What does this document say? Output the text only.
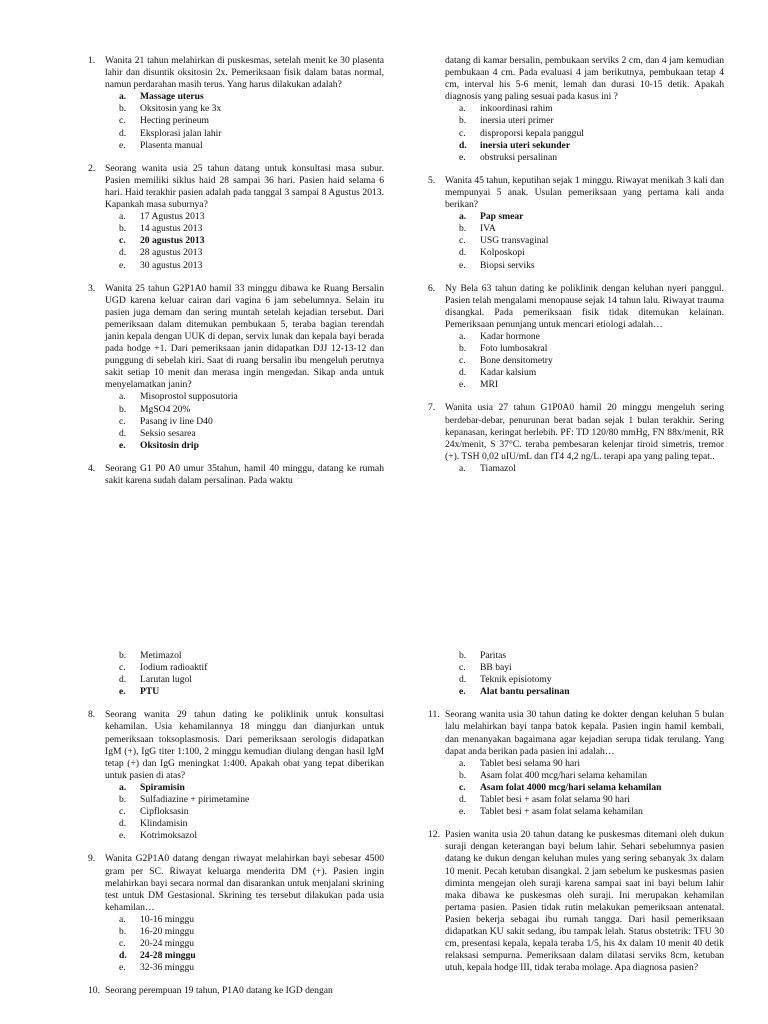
1.	Wanita 21 tahun melahirkan di puskesmas, setelah menit ke 30 plasenta lahir dan disuntik oksitosin 2x. Pemeriksaan fisik dalam batas normal, namun perdarahan masih terus. Yang harus dilakukan adalah?
a.	Massage uterus
b.	Oksitosin yang ke 3x
c.	Hecting perineum
d.	Eksplorasi jalan lahir
e.	Plasenta manual
2.	Seorang wanita usia 25 tahun datang untuk konsultasi masa subur. Pasien memiliki siklus haid 28 sampai 36 hari. Pasien haid selama 6 hari. Haid terakhir pasien adalah pada tanggal 3 sampai 8 Agustus 2013. Kapankah masa suburnya?
a.	17 Agustus 2013
b.	14 agustus 2013
c.	20 agustus 2013
d.	28 agustus 2013
e.	30 agustus 2013
3.	Wanita 25 tahun G2P1A0 hamil 33 minggu dibawa ke Ruang Bersalin UGD karena keluar cairan dari vagina 6 jam sebelumnya. Selain itu pasien juga demam dan sering muntah setelah kejadian tersebut. Dari pemeriksaan dalam ditemukan pembukaan 5, teraba bagian terendah janin kepala dengan UUK di depan, servix lunak dan kepala bayi berada pada hodge +1. Dari pemeriksaan janin didapatkan DJJ 12-13-12 dan punggung di sebelah kiri. Saat di ruang bersalin ibu mengeluh perutnya sakit setiap 10 menit dan merasa ingin mengedan. Sikap anda untuk menyelamatkan janin?
a.	Misoprostol supposutoria
b.	MgSO4 20%
c.	Pasang iv line D40
d.	Seksio sesarea
e.	Oksitosin drip
4.	Seorang G1 P0 A0 umur 35tahun, hamil 40 minggu, datang ke rumah sakit karena sudah dalam persalinan. Pada waktu
datang di kamar bersalin, pembukaan serviks 2 cm, dan 4 jam kemudian pembukaan 4 cm. Pada evaluasi 4 jam berikutnya, pembukaan tetap 4 cm, interval his 5-6 menit, lemah dan durasi 10-15 detik. Apakah diagnosis yang paling sesuai pada kasus ini ?
a.	inkoordinasi rahim
b.	inersia uteri primer
c.	disproporsi kepala panggul
d.	inersia uteri sekunder
e.	obstruksi persalinan
5.	Wanita 45 tahun, keputihan sejak 1 minggu. Riwayat menikah 3 kali dan mempunyai 5 anak. Usulan pemeriksaan yang pertama kali anda berikan?
a.	Pap smear
b.	IVA
c.	USG transvaginal
d.	Kolposkopi
e.	Biopsi serviks
6.	Ny Bela 63 tahun dating ke poliklinik dengan keluhan nyeri panggul. Pasien telah mengalami menopause sejak 14 tahun lalu. Riwayat trauma disangkal. Pada pemeriksaan fisik tidak ditemukan kelainan. Pemeriksaan penunjang untuk mencari etiologi adalah…
a.	Kadar hormone
b.	Foto lumbosakral
c.	Bone densitometry
d.	Kadar kalsium
e.	MRI
7.	Wanita usia 27 tahun G1P0A0 hamil 20 minggu mengeluh sering berdebar-debar, penurunan berat badan sejak 1 bulan terakhir. Sering kepanasan, keringat berlebih. PF: TD 120/80 mmHg, FN 88x/menit, RR 24x/menit, S 37°C. teraba pembesaran kelenjar tiroid simetris, tremor (+). TSH 0,02 uIU/mL dan fT4 4,2 ng/L. terapi apa yang paling tepat..
a.	Tiamazol
b.	Metimazol
c.	Iodium radioaktif
d.	Larutan lugol
e.	PTU
8.	Seorang wanita 29 tahun dating ke poliklinik untuk konsultasi kehamilan. Usia kehamilannya 18 minggu dan dianjurkan untuk pemeriksaan toksoplasmosis. Dari pemeriksaan serologis didapatkan IgM (+), IgG titer 1:100, 2 minggu kemudian diulang dengan hasil IgM tetap (+) dan IgG meningkat 1:400. Apakah obat yang tepat diberikan untuk pasien di atas?
a.	Spiramisin
b.	Sulfadiazine + pirimetamine
c.	Cipfloksasin
d.	Klindamisin
e.	Kotrimoksazol
9.	Wanita G2P1A0 datang dengan riwayat melahirkan bayi sebesar 4500 gram per SC. Riwayat keluarga menderita DM (+). Pasien ingin melahirkan bayi secara normal dan disarankan untuk menjalani skrining test untuk DM Gestasional. Skrining tes tersebut dilakukan pada usia kehamilan…
a.	10-16 minggu
b.	16-20 minggu
c.	20-24 minggu
d.	24-28 minggu
e.	32-36 minggu
10. Seorang perempuan 19 tahun, P1A0 datang ke IGD dengan
b.	Paritas
c.	BB bayi
d.	Teknik episiotomy
e.	Alat bantu persalinan
11. Seorang wanita usia 30 tahun dating ke dokter dengan keluhan 5 bulan lalu melahirkan bayi tanpa batok kepala. Pasien ingin hamil kembali, dan menanyakan bagaimana agar kejadian serupa tidak terulang. Yang dapat anda berikan pada pasien ini adalah…
a.	Tablet besi selama 90 hari
b.	Asam folat 400 mcg/hari selama kehamilan
c.	Asam folat 4000 mcg/hari selama kehamilan
d.	Tablet besi + asam folat selama 90 hari
e.	Tablet besi + asam folat selama kehamilan
12. Pasien wanita usia 20 tahun datang ke puskesmas ditemani oleh dukun suraji dengan keterangan bayi belum lahir. Sehari sebelumnya pasien datang ke dukun dengan keluhan mules yang sering sebanyak 3x dalam 10 menit. Pecah ketuban disangkal. 2 jam sebelum ke puskesmas pasien diminta mengejan oleh suraji karena sampai saat ini bayi belum lahir maka dibawa ke puskesmas oleh suraji. Ini merupakan kehamilan pertama pasien. Pasien tidak rutin melakukan pemeriksaan antenatal. Pasien bekerja sebagai ibu rumah tangga. Dari hasil pemeriksaan didapatkan KU sakit sedang, ibu tampak lelah. Status obstetrik: TFU 30 cm, presentasi kepala, kepala teraba 1/5, his 4x dalam 10 menit 40 detik relaksasi sempurna. Pemeriksaan dalam dilatasi serviks 8cm, ketuban utuh, kepala hodge III, tidak teraba molage. Apa diagnosa pasien?
